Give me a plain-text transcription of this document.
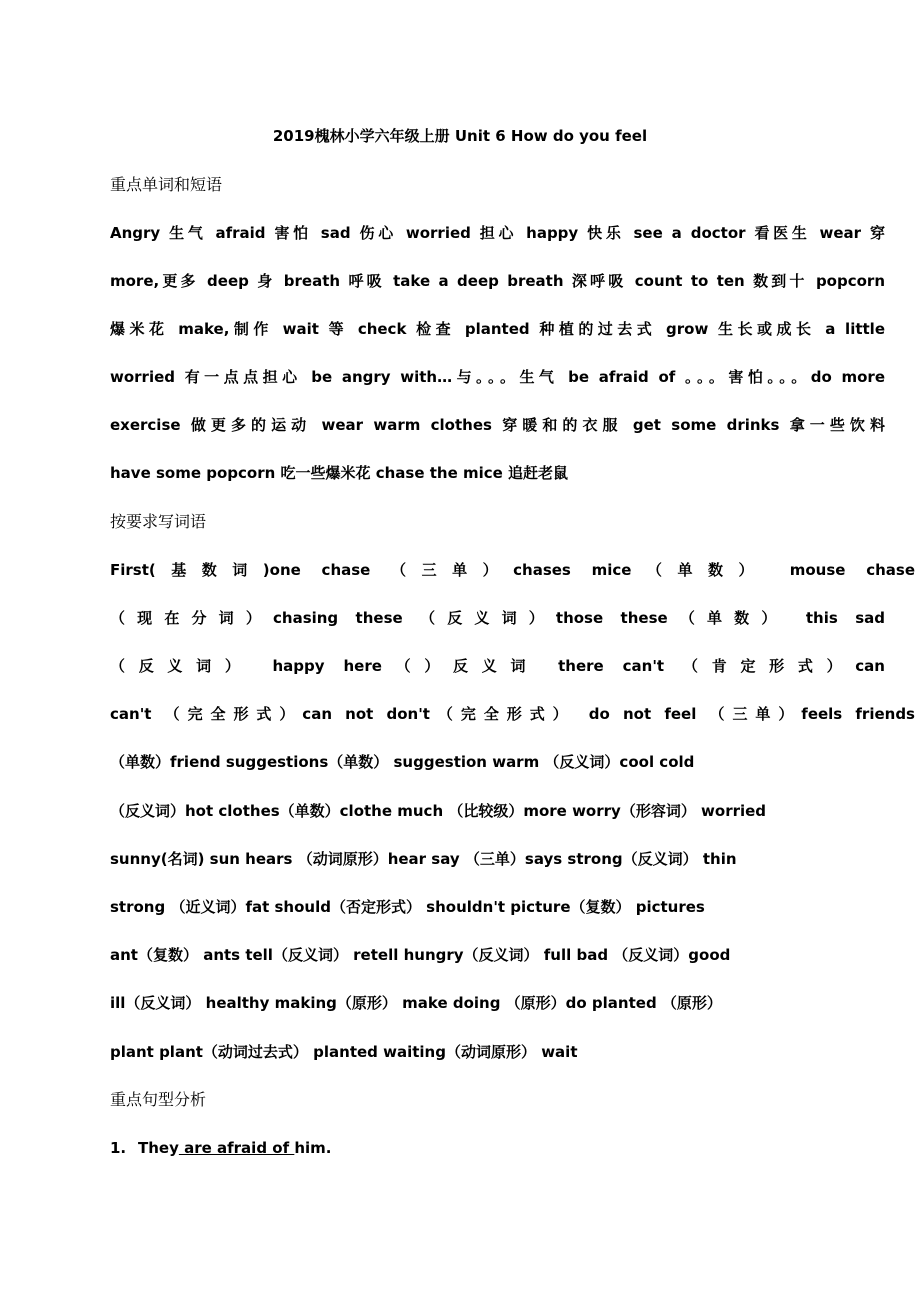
2019槐林小学六年级上册 Unit 6 How do you feel
重点单词和短语
Angry 生气 afraid 害怕 sad 伤心 worried 担心 happy 快乐 see a doctor 看医生 wear 穿
more,更多 deep 身 breath 呼吸 take a deep breath 深呼吸 count to ten 数到十 popcorn
爆米花 make,制作 wait 等 check 检查 planted 种植的过去式 grow 生长或成长 a little
worried 有一点点担心 be angry with…与。。。生气 be afraid of 。。。害怕。。。do more
exercise 做更多的运动 wear warm clothes 穿暖和的衣服 get some drinks 拿一些饮料
have some popcorn 吃一些爆米花 chase the mice 追赶老鼠
按要求写词语
First(基数词)one chase （三单）chases mice（单数） mouse chase
（现在分词）chasing these （反义词）those these（单数） this sad
（反义词） happy here（）反义词 there can't （肯定形式）can
can't （完全形式）can not don't（完全形式） do not feel （三单）feels friends
（单数）friend suggestions（单数） suggestion warm （反义词）cool cold
（反义词）hot clothes（单数）clothe much （比较级）more worry（形容词） worried
sunny(名词) sun hears （动词原形）hear say （三单）says strong（反义词） thin
strong （近义词）fat should（否定形式） shouldn't picture（复数） pictures
ant（复数） ants tell（反义词） retell hungry（反义词） full bad （反义词）good
ill（反义词） healthy making（原形） make doing （原形）do planted （原形）
plant plant（动词过去式） planted waiting（动词原形） wait
重点句型分析
1. They are afraid of him.
